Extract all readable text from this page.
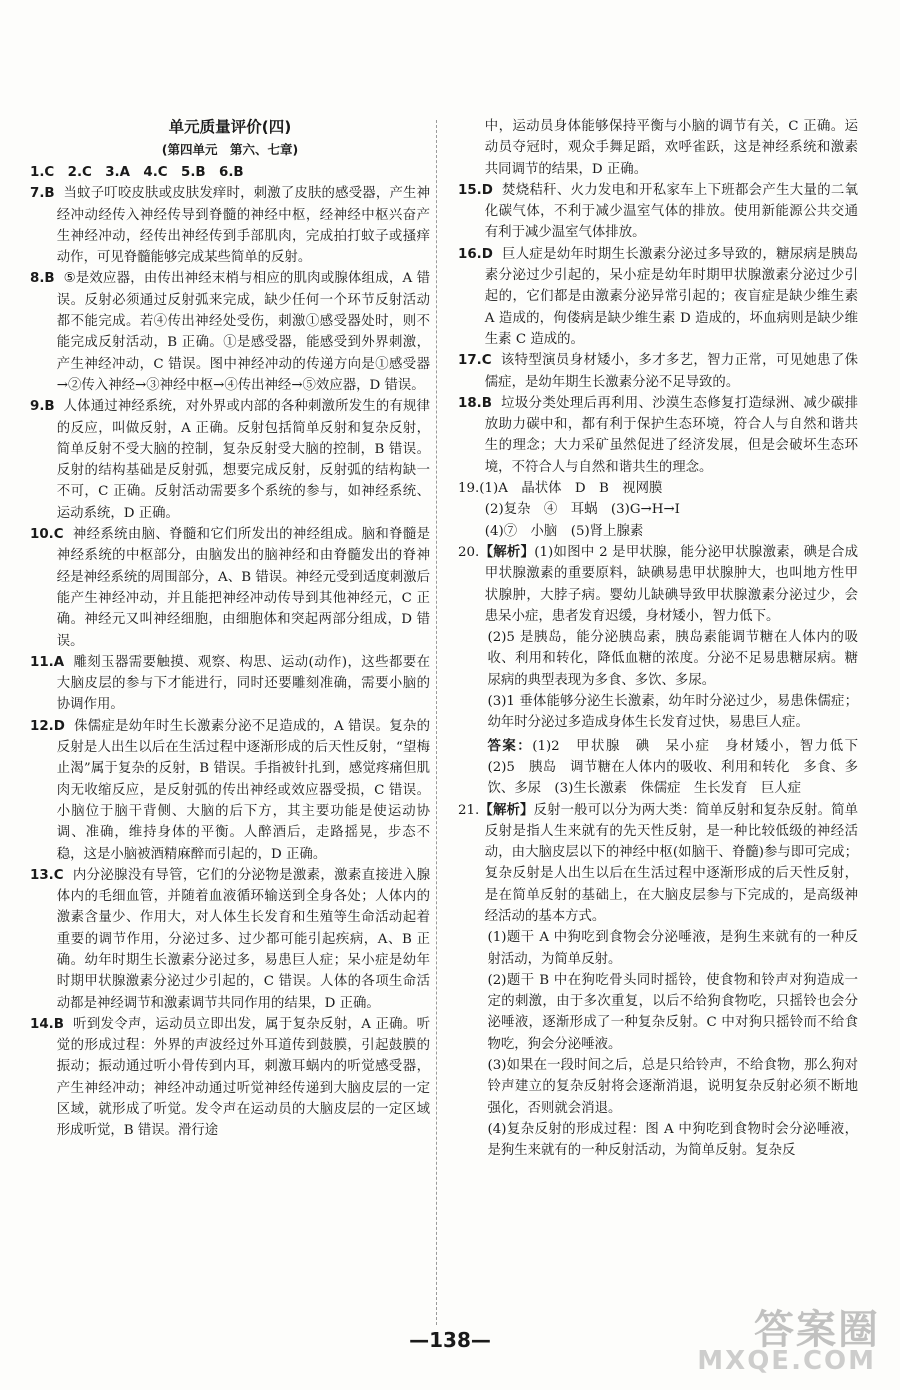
单元质量评价(四)
(第四单元　第六、七章)
1.C　2.C　3.A　4.C　5.B　6.B
7.B 当蚊子叮咬皮肤或皮肤发痒时，刺激了皮肤的感受器，产生神经冲动经传入神经传导到脊髓的神经中枢，经神经中枢兴奋产生神经冲动，经传出神经传到手部肌肉，完成拍打蚊子或搔痒动作，可见脊髓能够完成某些简单的反射。
8.B ⑤是效应器，由传出神经末梢与相应的肌肉或腺体组成，A 错误。反射必须通过反射弧来完成，缺少任何一个环节反射活动都不能完成。若④传出神经处受伤，刺激①感受器处时，则不能完成反射活动，B 正确。①是感受器，能感受到外界刺激，产生神经冲动，C 错误。图中神经冲动的传递方向是①感受器→②传入神经→③神经中枢→④传出神经→⑤效应器，D 错误。
9.B 人体通过神经系统，对外界或内部的各种刺激所发生的有规律的反应，叫做反射，A 正确。反射包括简单反射和复杂反射，简单反射不受大脑的控制，复杂反射受大脑的控制，B 错误。反射的结构基础是反射弧，想要完成反射，反射弧的结构缺一不可，C 正确。反射活动需要多个系统的参与，如神经系统、运动系统，D 正确。
10.C 神经系统由脑、脊髓和它们所发出的神经组成。脑和脊髓是神经系统的中枢部分，由脑发出的脑神经和由脊髓发出的脊神经是神经系统的周围部分，A、B 错误。神经元受到适度刺激后能产生神经冲动，并且能把神经冲动传导到其他神经元，C 正确。神经元又叫神经细胞，由细胞体和突起两部分组成，D 错误。
11.A 雕刻玉器需要触摸、观察、构思、运动(动作)，这些都要在大脑皮层的参与下才能进行，同时还要雕刻准确，需要小脑的协调作用。
12.D 侏儒症是幼年时生长激素分泌不足造成的，A 错误。复杂的反射是人出生以后在生活过程中逐渐形成的后天性反射，“望梅止渴”属于复杂的反射，B 错误。手指被针扎到，感觉疼痛但肌肉无收缩反应，是反射弧的传出神经或效应器受损，C 错误。小脑位于脑干背侧、大脑的后下方，其主要功能是使运动协调、准确，维持身体的平衡。人醉酒后，走路摇晃，步态不稳，这是小脑被酒精麻醉而引起的，D 正确。
13.C 内分泌腺没有导管，它们的分泌物是激素，激素直接进入腺体内的毛细血管，并随着血液循环输送到全身各处；人体内的激素含量少、作用大，对人体生长发育和生殖等生命活动起着重要的调节作用，分泌过多、过少都可能引起疾病，A、B 正确。幼年时期生长激素分泌过多，易患巨人症；呆小症是幼年时期甲状腺激素分泌过少引起的，C 错误。人体的各项生命活动都是神经调节和激素调节共同作用的结果，D 正确。
14.B 听到发令声，运动员立即出发，属于复杂反射，A 正确。听觉的形成过程：外界的声波经过外耳道传到鼓膜，引起鼓膜的振动；振动通过听小骨传到内耳，刺激耳蜗内的听觉感受器，产生神经冲动；神经冲动通过听觉神经传递到大脑皮层的一定区域，就形成了听觉。发令声在运动员的大脑皮层的一定区域形成听觉，B 错误。滑行途
中，运动员身体能够保持平衡与小脑的调节有关，C 正确。运动员夺冠时，观众手舞足蹈，欢呼雀跃，这是神经系统和激素共同调节的结果，D 正确。
15.D 焚烧秸秆、火力发电和开私家车上下班都会产生大量的二氧化碳气体，不利于减少温室气体的排放。使用新能源公共交通有利于减少温室气体排放。
16.D 巨人症是幼年时期生长激素分泌过多导致的，糖尿病是胰岛素分泌过少引起的，呆小症是幼年时期甲状腺激素分泌过少引起的，它们都是由激素分泌异常引起的；夜盲症是缺少维生素 A 造成的，佝偻病是缺少维生素 D 造成的，坏血病则是缺少维生素 C 造成的。
17.C 该特型演员身材矮小，多才多艺，智力正常，可见她患了侏儒症，是幼年期生长激素分泌不足导致的。
18.B 垃圾分类处理后再利用、沙漠生态修复打造绿洲、减少碳排放助力碳中和，都有利于保护生态环境，符合人与自然和谐共生的理念；大力采矿虽然促进了经济发展，但是会破坏生态环境，不符合人与自然和谐共生的理念。
19.(1)A　晶状体　D　B　视网膜
(2)复杂　④　耳蜗　(3)G→H→I
(4)⑦　小脑　(5)肾上腺素
20.【解析】(1)如图中 2 是甲状腺，能分泌甲状腺激素，碘是合成甲状腺激素的重要原料，缺碘易患甲状腺肿大，也叫地方性甲状腺肿，大脖子病。婴幼儿缺碘导致甲状腺激素分泌过少，会患呆小症，患者发育迟缓，身材矮小，智力低下。
(2)5 是胰岛，能分泌胰岛素，胰岛素能调节糖在人体内的吸收、利用和转化，降低血糖的浓度。分泌不足易患糖尿病。糖尿病的典型表现为多食、多饮、多尿。
(3)1 垂体能够分泌生长激素，幼年时分泌过少，易患侏儒症；幼年时分泌过多造成身体生长发育过快，易患巨人症。
答案：(1)2　甲状腺　碘　呆小症　身材矮小，智力低下　(2)5　胰岛　调节糖在人体内的吸收、利用和转化　多食、多饮、多尿　(3)生长激素　侏儒症　生长发育　巨人症
21.【解析】反射一般可以分为两大类：简单反射和复杂反射。简单反射是指人生来就有的先天性反射，是一种比较低级的神经活动，由大脑皮层以下的神经中枢(如脑干、脊髓)参与即可完成；复杂反射是人出生以后在生活过程中逐渐形成的后天性反射，是在简单反射的基础上，在大脑皮层参与下完成的，是高级神经活动的基本方式。
(1)题干 A 中狗吃到食物会分泌唾液，是狗生来就有的一种反射活动，为简单反射。
(2)题干 B 中在狗吃骨头同时摇铃，使食物和铃声对狗造成一定的刺激，由于多次重复，以后不给狗食物吃，只摇铃也会分泌唾液，逐渐形成了一种复杂反射。C 中对狗只摇铃而不给食物吃，狗会分泌唾液。
(3)如果在一段时间之后，总是只给铃声，不给食物，那么狗对铃声建立的复杂反射将会逐渐消退，说明复杂反射必须不断地强化，否则就会消退。
(4)复杂反射的形成过程：图 A 中狗吃到食物时会分泌唾液，是狗生来就有的一种反射活动，为简单反射。复杂反
—138—	答案圈
MXQE.COM
